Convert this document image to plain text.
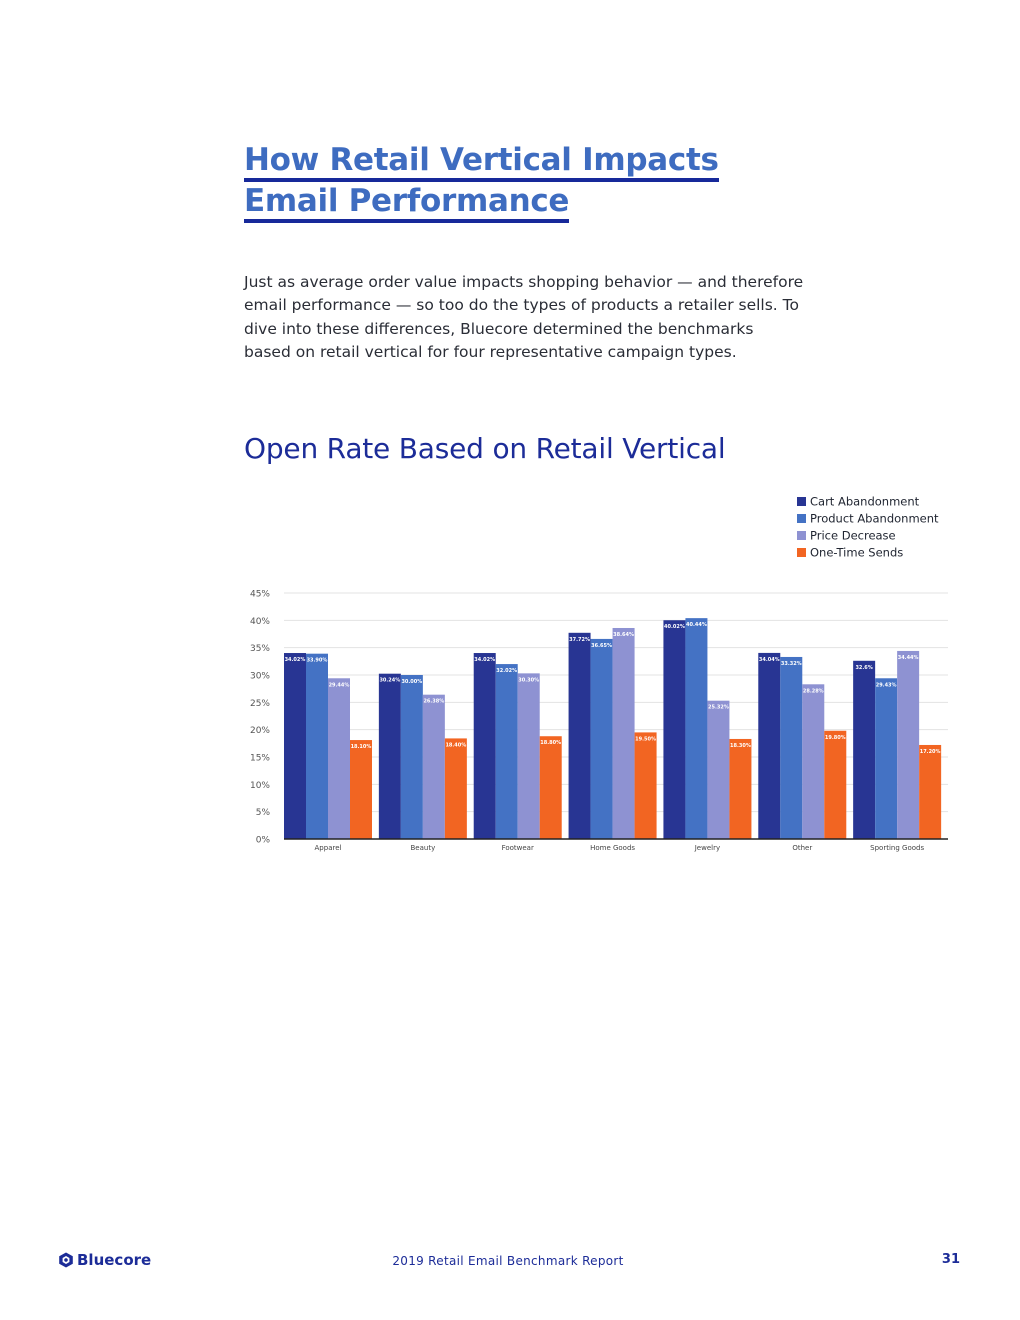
How Retail Vertical Impacts
Email Performance

Just as average order value impacts shopping behavior — and therefore email performance — so too do the types of products a retailer sells. To dive into these differences, Bluecore determined the benchmarks based on retail vertical for four representative campaign types.

Open Rate Based on Retail Vertical
0%
5%
10%
15%
20%
25%
30%
35%
40%
45%
34.02% 33.90%
29.44%
18.10%
Apparel
30.24% 30.00%
26.38%
18.40%
Beauty
34.02%
32.02%
30.30%
18.80%
Footwear
37.72%
36.65%
38.64%
19.50%
Home Goods
40.02% 40.44%
25.32%
18.30%
Jewelry
34.04%
33.32%
28.28%
19.80%
Other
32.6%
29.43%
34.44%
17.20%
Sporting Goods
Cart Abandonment
Product Abandonment
Price Decrease
One-Time Sends
Bluecore	2019 Retail Email Benchmark Report	31
